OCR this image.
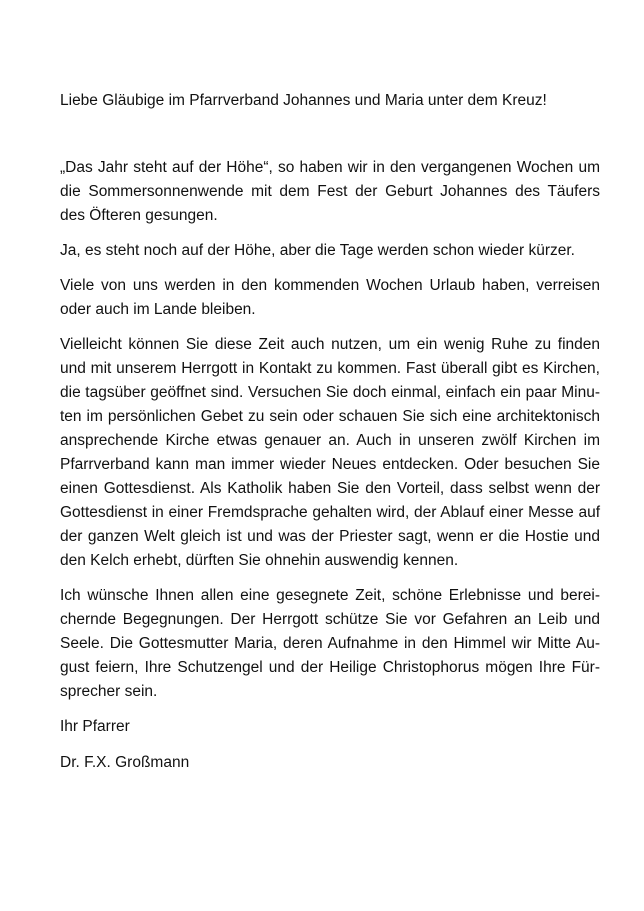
Liebe Gläubige im Pfarrverband Johannes und Maria unter dem Kreuz!
„Das Jahr steht auf der Höhe“, so haben wir in den vergangenen Wochen um
die Sommersonnenwende mit dem Fest der Geburt Johannes des Täufers
des Öfteren gesungen.
Ja, es steht noch auf der Höhe, aber die Tage werden schon wieder kürzer.
Viele von uns werden in den kommenden Wochen Urlaub haben, verreisen
oder auch im Lande bleiben.
Vielleicht können Sie diese Zeit auch nutzen, um ein wenig Ruhe zu finden
und mit unserem Herrgott in Kontakt zu kommen. Fast überall gibt es Kirchen,
die tagsüber geöffnet sind. Versuchen Sie doch einmal, einfach ein paar Minu-
ten im persönlichen Gebet zu sein oder schauen Sie sich eine architektonisch
ansprechende Kirche etwas genauer an. Auch in unseren zwölf Kirchen im
Pfarrverband kann man immer wieder Neues entdecken. Oder besuchen Sie
einen Gottesdienst. Als Katholik haben Sie den Vorteil, dass selbst wenn der
Gottesdienst in einer Fremdsprache gehalten wird, der Ablauf einer Messe auf
der ganzen Welt gleich ist und was der Priester sagt, wenn er die Hostie und
den Kelch erhebt, dürften Sie ohnehin auswendig kennen.
Ich wünsche Ihnen allen eine gesegnete Zeit, schöne Erlebnisse und berei-
chernde Begegnungen. Der Herrgott schütze Sie vor Gefahren an Leib und
Seele. Die Gottesmutter Maria, deren Aufnahme in den Himmel wir Mitte Au-
gust feiern, Ihre Schutzengel und der Heilige Christophorus mögen Ihre Für-
sprecher sein.
Ihr Pfarrer
Dr. F.X. Großmann
